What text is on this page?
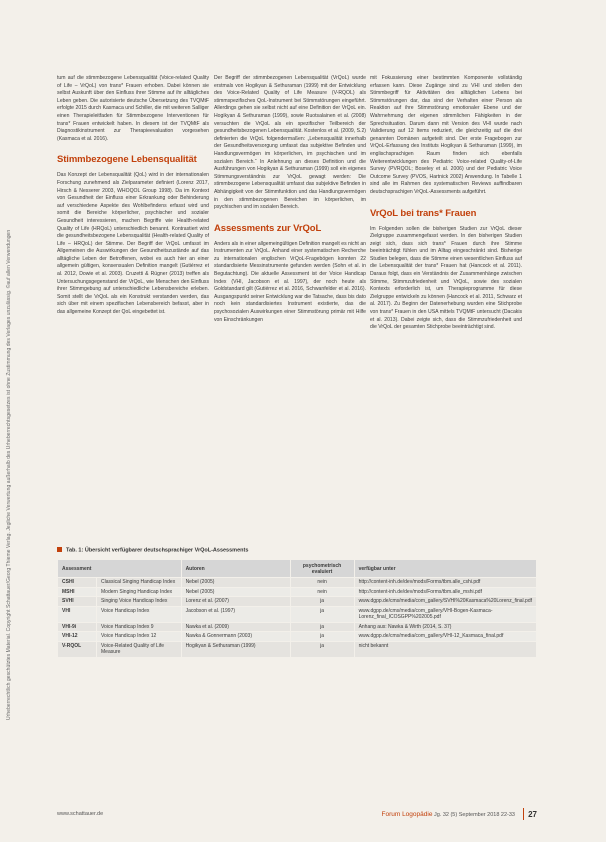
Urheberrechtlich geschütztes Material. Copyright Schattauer/Georg Thieme Verlag. Jegliche Verwertung außerhalb des Urheberrechtsgesetzes ist ohne Zustimmung des Verlages unzulässig. ©auf allen Verwendungen

tum auf die stimmbezogene Lebensqualität (Voice-related Quality of Life – VrQoL) von trans* Frauen erhoben. Dabei können sie selbst Auskunft über den Einfluss ihrer Stimme auf ihr alltägliches Leben geben. Die autorisierte deutsche Übersetzung des TVQMtF erfolgte 2015 durch Kasmaca und Schiller, die mit weiteren Salliger einen Therapieleitfaden für Stimmbezogene Interventionen für trans* Frauen entwickelt haben. In diesem ist der TVQMtF als Diagnostikinstrument zur Therapieevaluation vorgesehen (Kasmaca et al. 2016).

Stimmbezogene Lebensqualität

Das Konzept der Lebensqualität (QoL) wird in der internationalen Forschung zunehmend als Zielparameter definiert (Lorenz 2017, Hirsch & Nesserer 2003, WHOQOL Group 1998). Da im Kontext von Gesundheit der Einfluss einer Erkrankung oder Behinderung auf verschiedene Aspekte des Wohlbefindens erfasst wird und somit die Bereiche körperlicher, psychischer und sozialer Gesundheit interessieren, machen Begriffe wie Health-related Quality of Life (HRQoL) unterschiedlich benannt. Kontrastiert wird die gesundheitsbezogene Lebensqualität (Health-related Quality of Life – HRQoL) der Stimme. Der Begriff der VrQoL umfasst im Allgemeinen die Auswirkungen der Gesundheitszustände auf das alltägliche Leben der Betroffenen, wobei es auch hier an einer allgemein gültigen, konsensualen Definition mangelt (Gutiérrez et al. 2012, Dowie et al. 2003). Cruzetti & Rügner (2013) treffen als Untersuchungsgegenstand der VrQoL, wie Menschen den Einfluss ihrer Stimmgebung auf unterschiedliche Lebensbereiche erleben. Somit stellt die VrQoL als ein Konstrukt verstanden werden, das sich über mit einem spezifischen Lebensbereich befasst, aber in das allgemeine Konzept der QoL eingebettet ist.

Der Begriff der stimmbezogenen Lebensqualität (VrQoL) wurde erstmals von Hogikyan & Sethuraman (1999) mit der Entwicklung des Voice-Related Quality of Life Measure (V-RQOL) als stimmspezifisches QoL-Instrument bei Stimmstörungen eingeführt. Allerdings gehen sie selbst nicht auf eine Definition der VrQoL ein. Hogikyan & Sethuraman (1999), sowie Ruotsalainen et al. (2008) versuchten die VrQoL als ein spezifischer Teilbereich der gesundheitsbezogenen Lebensqualität. Kostenlos et al. (2009, S.2) definierten die VrQoL folgendermaßen: „Lebensqualität innerhalb der Gesundheitsversorgung umfasst das subjektive Befinden und Handlungsvermögen im körperlichen, im psychischen und im sozialen Bereich.“ In Anlehnung an dieses Definition und die Ausführungen von Hogikyan & Sethuraman (1999) soll ein eigenes Stimmungsverständnis zur VrQoL gewagt werden: Die stimmbezogene Lebensqualität umfasst das subjektive Befinden in Abhängigkeit von der Stimmfunktion und das Handlungsvermögen in den stimmbezogenen Bereichen im körperlichen, im psychischen und im sozialen Bereich.

Assessments zur VrQoL

Anders als in einer allgemeingültigen Definition mangelt es nicht an Instrumenten zur VrQoL. Anhand einer systematischen Recherche zu internationalen englischen VrQoL-Fragebögen konnten 22 standardisierte Messinstrumente gefunden werden (Sohn et al. in Begutachtung). Die aktuelle Assessment ist der Voice Handicap Index (VHI, Jacobson et al. 1997), der noch heute als Goldstandard gilt (Gutiérrez et al. 2016, Schwanfelder et al. 2016). Ausgangspunkt seiner Entwicklung war die Tatsache, dass bis dato noch kein standardisiertes Instrument existierte, das die psychosozialen Auswirkungen einer Stimmstörung primär mit Hilfe von Einschränkungen

mit Fokussierung einer bestimmten Komponente vollständig erfassen kann. Diese Zugänge sind zu VHI und stellen den Stimmbegriff für Aktivitäten des alltäglichen Lebens bei Stimmstörungen dar, das sind der Verhalten einer Person als Reaktion auf ihre Stimmstörung emotionaler Ebene und der Wahrnehmung der eigenen stimmlichen Fähigkeiten in der Sprechsituation. Darum dann mit Version des VHI wurde nach Validierung auf 12 Items reduziert, die gleichzeitig auf die drei genannten Domänen aufgeteilt sind. Der erste Fragebogen zur VrQoL-Erfassung des Instituts Hogikyan & Sethuraman (1999), im englischsprachigen Raum finden sich ebenfalls Weiterentwicklungen des Pediatric Voice-related Quality-of-Life Survey (PVRQOL; Boseley et al. 2006) und der Pediatric Voice Outcome Survey (PVOS, Hartnick 2002) Anwendung. In Tabelle 1 sind alle im Rahmen des systematischen Reviews auffindbaren deutschsprachigen VrQoL-Assessments aufgeführt.

VrQoL bei trans* Frauen

Im Folgenden sollen die bisherigen Studien zur VrQoL dieser Zielgruppe zusammengefasst werden. In den bisherigen Studien zeigt sich, dass sich trans* Frauen durch ihre Stimme beeinträchtigt fühlen und im Alltag eingeschränkt sind. Bisherige Studien belegen, dass die Stimme einen wesentlichen Einfluss auf die Lebensqualität der trans* Frauen hat (Hancock et al. 2011). Daraus folgt, dass ein Verständnis der Zusammenhänge zwischen Stimme, Stimmzufriedenheit und VrQoL, sowie des sozialen Kontexts erforderlich ist, um Therapieprogramme für diese Zielgruppe entwickeln zu können (Hancock et al. 2011, Schwarz et al. 2017). Zu Beginn der Datenerhebung wurden eine Stichprobe von trans* Frauen in den USA mittels TVQMtF untersucht (Dacakis et al. 2013). Dabei zeigte sich, dass die Stimmzufriedenheit und die VrQoL der gesamten Stichprobe beeinträchtigt sind.

Tab. 1: Übersicht verfügbarer deutschsprachiger VrQoL-Assessments
Assessment		Autoren	psychometrisch evaluiert	verfügbar unter
CSHI	Classical Singing Handicap Index	Nebel (2005)	nein	http://content-inh.de/dev/mods/Forms/tbm.alle_cshi.pdf
MSHI	Modern Singing Handicap Index	Nebel (2005)	nein	http://content-inh.de/dev/mods/Forms/tbm.alle_mshi.pdf
SVHI	Singing Voice Handicap Index	Lorenz et al. (2007)	ja	www.dgpp.de/cms/media/com_gallery/SVHI%20Kasmaca%20Lorenz_final.pdf
VHI	Voice Handicap Index	Jacobson et al. (1997)	ja	www.dgpp.de/cms/media/com_gallery/VHI-Bogen-Kasmaca-Lorenz_final_ICOSGPP%202005.pdf
VHI-9i	Voice Handicap Index 9	Nawka et al. (2009)	ja	Anhang aus: Nawka & Wirth (2014, S. 37)
VHI-12	Voice Handicap Index 12	Nawka & Gonnermann (2003)	ja	www.dgpp.de/cms/media/com_gallery/VHI-12_Kasmaca_final.pdf
V-RQOL	Voice-Related Quality of Life Measure	Hogikyan & Sethuraman (1999)	ja	nicht bekannt
www.schattauer.de	Forum Logopädie Jg. 32 (5) September 2018 22-33 27
